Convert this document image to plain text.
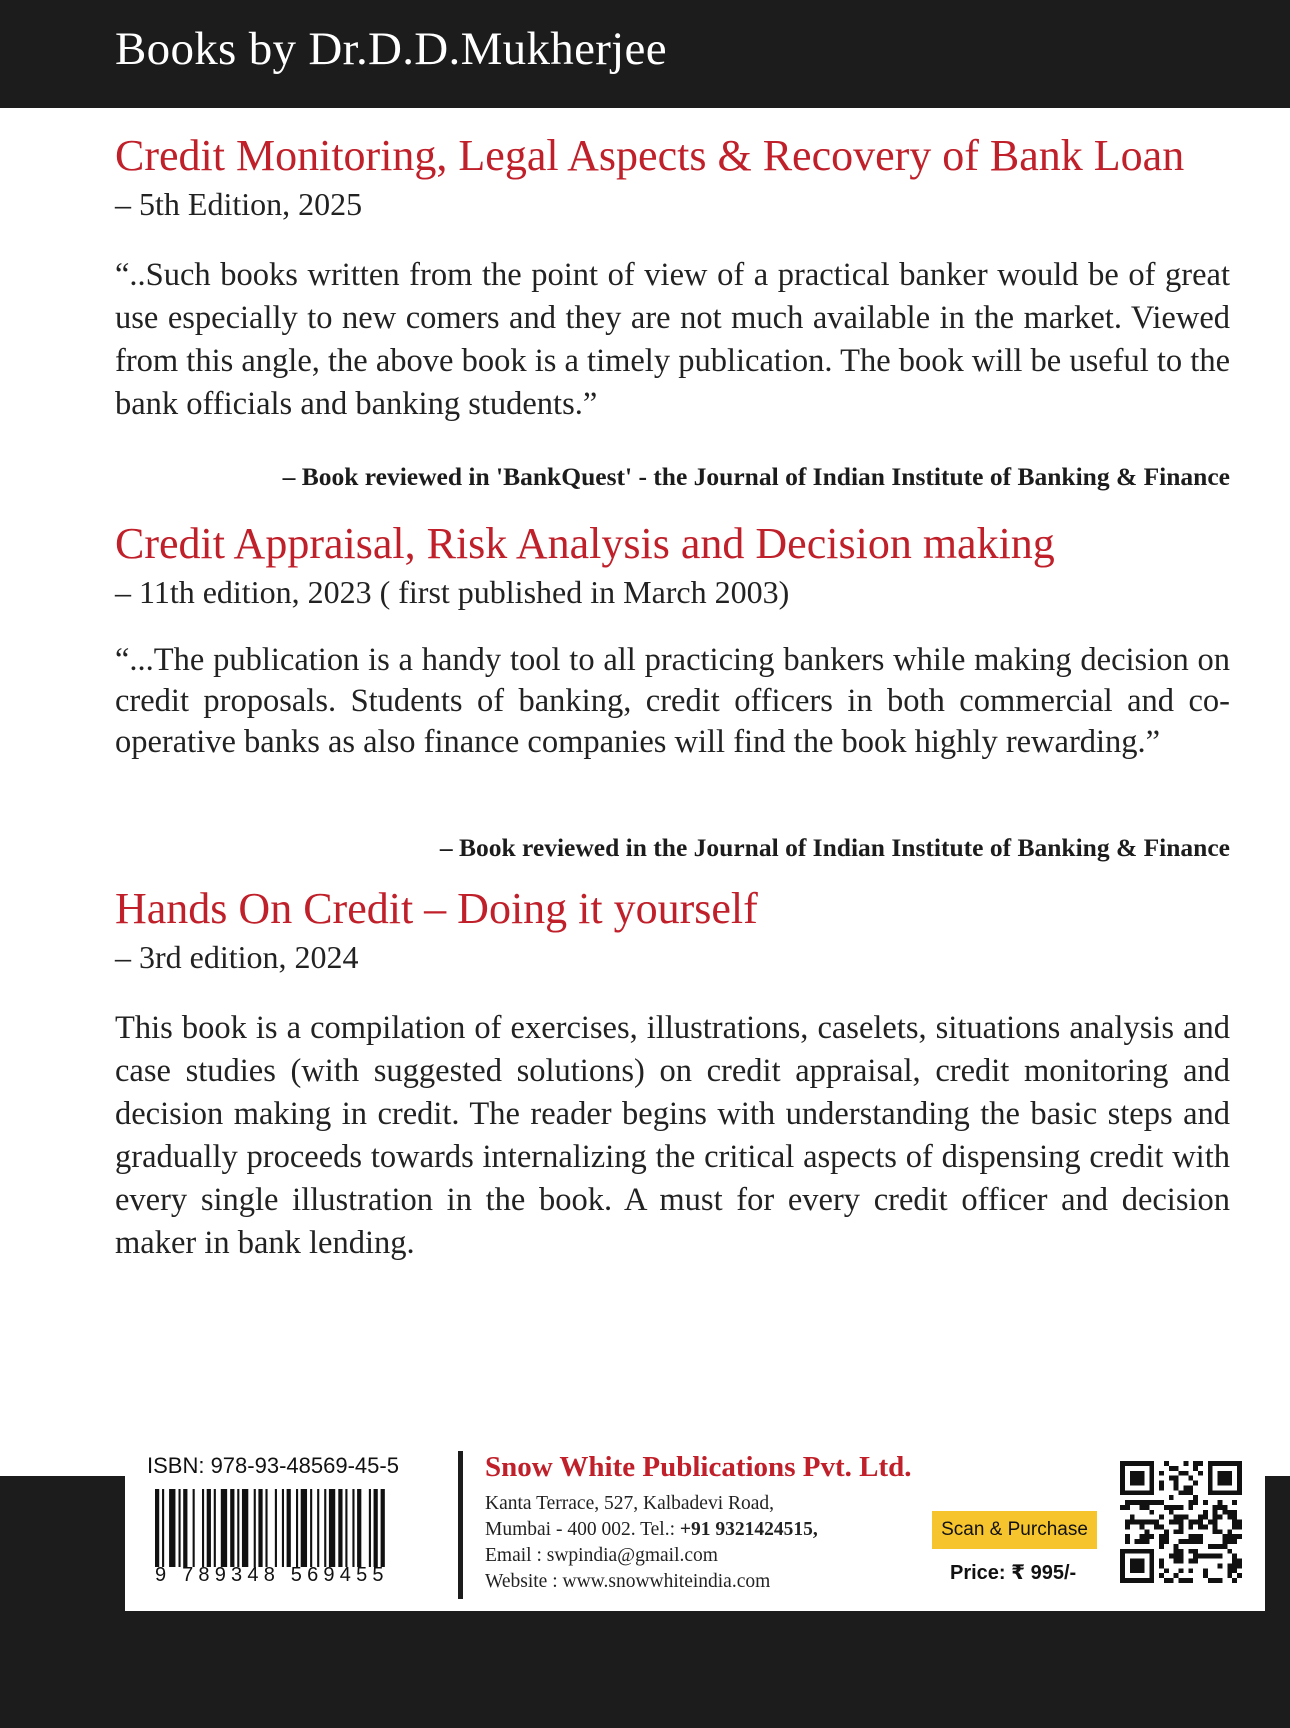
Books by Dr.D.D.Mukherjee
Credit Monitoring, Legal Aspects & Recovery of Bank Loan
– 5th Edition, 2025
“..Such books written from the point of view of a practical banker would be of great use especially to new comers and they are not much available in the market. Viewed from this angle, the above book is a timely publication. The book will be useful to the bank officials and banking students.”
– Book reviewed in 'BankQuest' - the Journal of Indian Institute of Banking & Finance
Credit Appraisal, Risk Analysis and Decision making
– 11th edition, 2023 ( first published in March 2003)
“...The publication is a handy tool to all practicing bankers while making decision on credit proposals. Students of banking, credit officers in both commercial and co-operative banks as also finance companies will find the book highly rewarding.”
– Book reviewed in the Journal of Indian Institute of Banking & Finance
Hands On Credit – Doing it yourself
– 3rd edition, 2024
This book is a compilation of exercises, illustrations, caselets, situations analysis and case studies (with suggested solutions) on credit appraisal, credit monitoring and decision making in credit. The reader begins with understanding the basic steps and gradually proceeds towards internalizing the critical aspects of dispensing credit with every single illustration in the book. A must for every credit officer and decision maker in bank lending.
ISBN: 978-93-48569-45-5
9 789348 569455
Snow White Publications Pvt. Ltd.
Kanta Terrace, 527, Kalbadevi Road,
Mumbai - 400 002. Tel.: +91 9321424515,
Email : swpindia@gmail.com
Website : www.snowwhiteindia.com
Scan & Purchase
Price: ₹ 995/-
